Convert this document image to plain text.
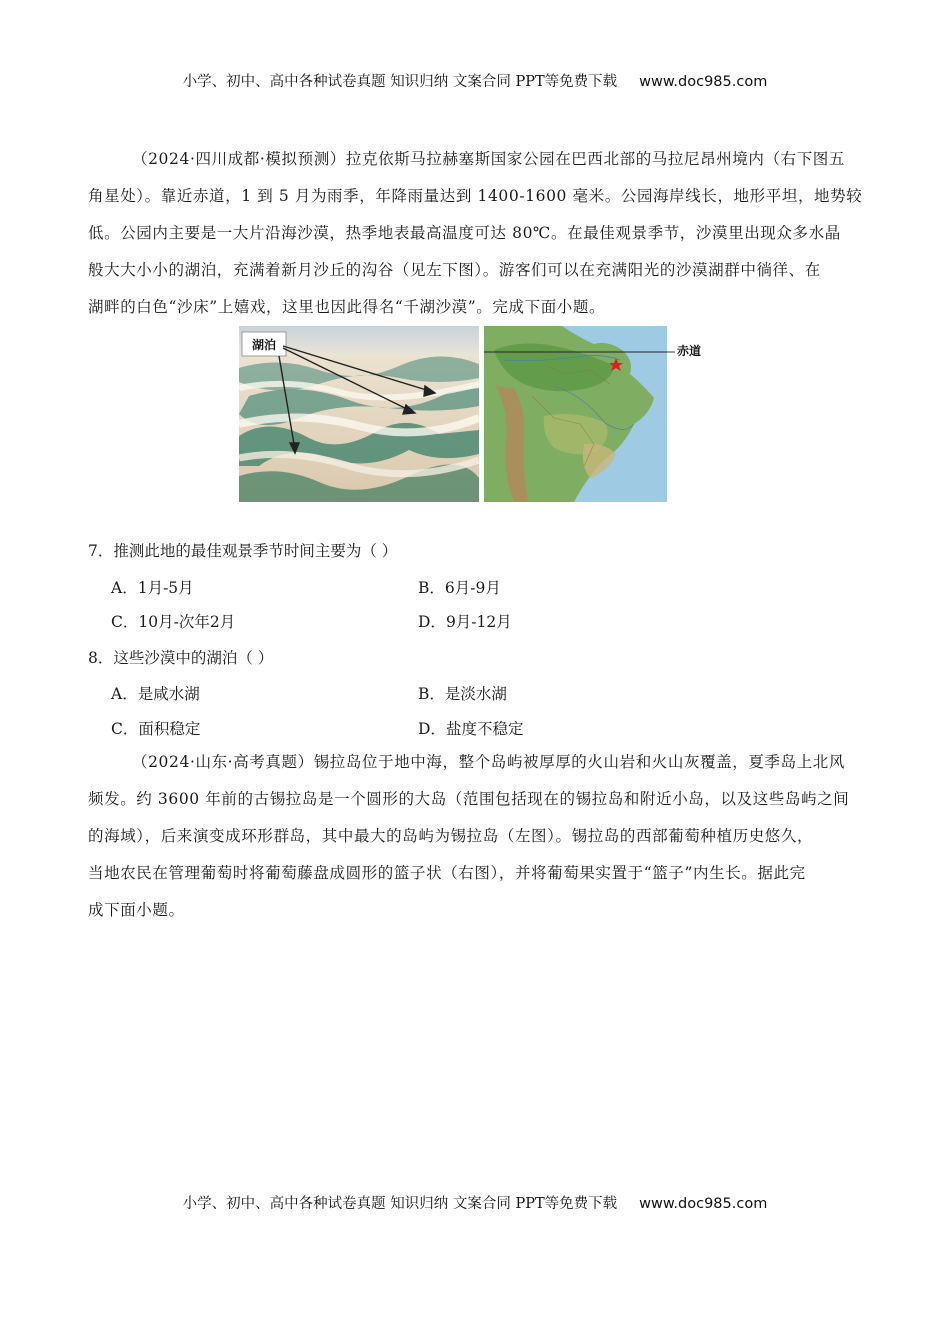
小学、初中、高中各种试卷真题 知识归纳 文案合同 PPT等免费下载 www.doc985.com
（2024·四川成都·模拟预测）拉克依斯马拉赫塞斯国家公园在巴西北部的马拉尼昂州境内（右下图五
角星处）。靠近赤道，1 到 5 月为雨季，年降雨量达到 1400-1600 毫米。公园海岸线长，地形平坦，地势较
低。公园内主要是一大片沿海沙漠，热季地表最高温度可达 80℃。在最佳观景季节，沙漠里出现众多水晶
般大大小小的湖泊，充满着新月沙丘的沟谷（见左下图）。游客们可以在充满阳光的沙漠湖群中徜徉、在
湖畔的白色“沙床”上嬉戏，这里也因此得名“千湖沙漠”。完成下面小题。
湖泊	赤道
7．推测此地的最佳观景季节时间主要为（ ）
A．1月-5月	B．6月-9月
C．10月-次年2月	D．9月-12月
8．这些沙漠中的湖泊（ ）
A．是咸水湖	B．是淡水湖
C．面积稳定	D．盐度不稳定
（2024·山东·高考真题）锡拉岛位于地中海，整个岛屿被厚厚的火山岩和火山灰覆盖，夏季岛上北风
频发。约 3600 年前的古锡拉岛是一个圆形的大岛（范围包括现在的锡拉岛和附近小岛，以及这些岛屿之间
的海域），后来演变成环形群岛，其中最大的岛屿为锡拉岛（左图）。锡拉岛的西部葡萄种植历史悠久，
当地农民在管理葡萄时将葡萄藤盘成圆形的篮子状（右图），并将葡萄果实置于“篮子”内生长。据此完
成下面小题。
小学、初中、高中各种试卷真题 知识归纳 文案合同 PPT等免费下载 www.doc985.com
